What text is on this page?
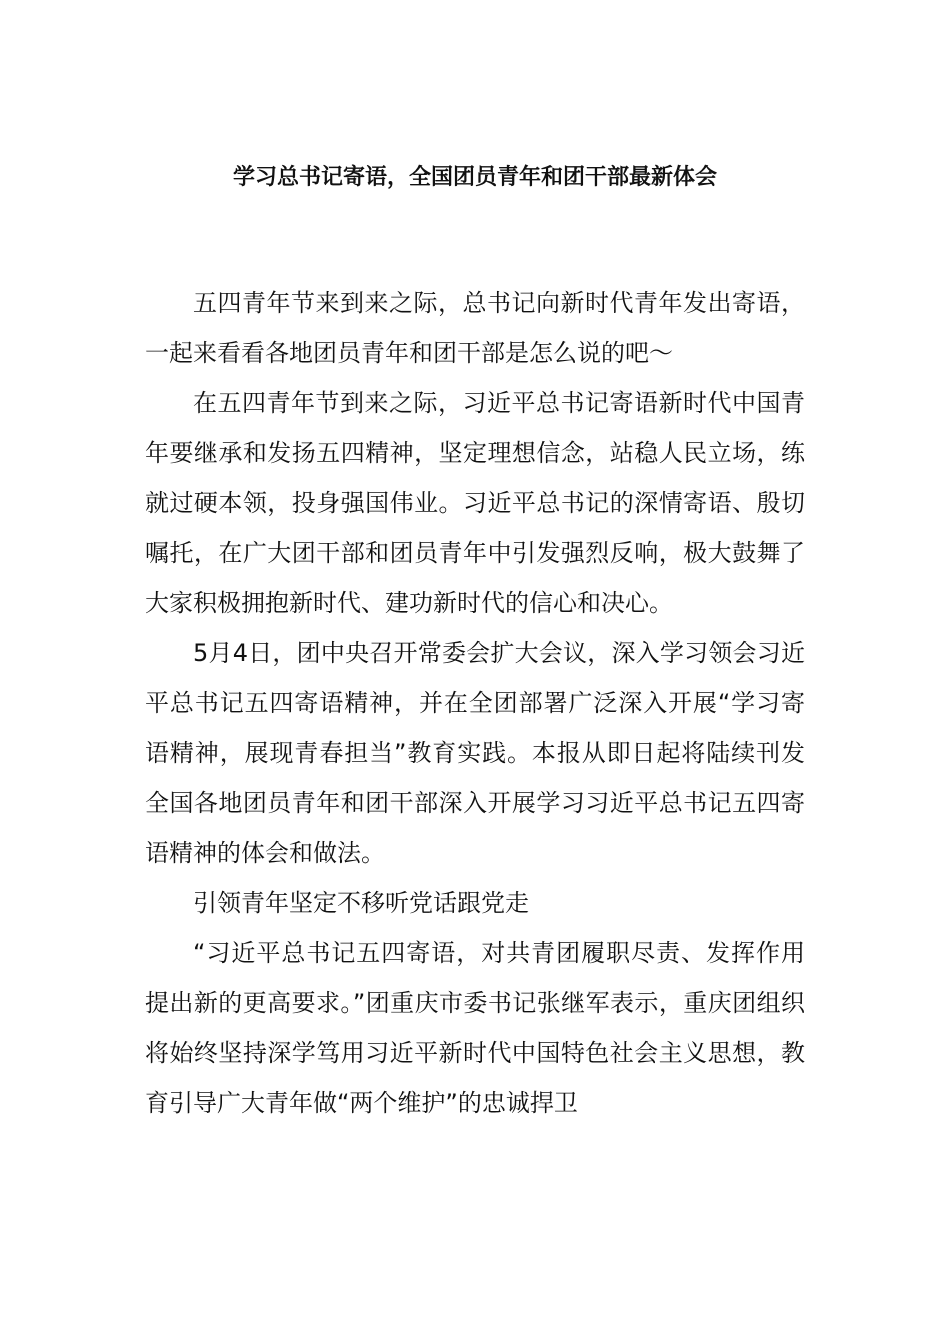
学习总书记寄语，全国团员青年和团干部最新体会

五四青年节来到来之际，总书记向新时代青年发出寄语，一起来看看各地团员青年和团干部是怎么说的吧～

在五四青年节到来之际，习近平总书记寄语新时代中国青年要继承和发扬五四精神，坚定理想信念，站稳人民立场，练就过硬本领，投身强国伟业。习近平总书记的深情寄语、殷切嘱托，在广大团干部和团员青年中引发强烈反响，极大鼓舞了大家积极拥抱新时代、建功新时代的信心和决心。

5月4日，团中央召开常委会扩大会议，深入学习领会习近平总书记五四寄语精神，并在全团部署广泛深入开展“学习寄语精神，展现青春担当”教育实践。本报从即日起将陆续刊发全国各地团员青年和团干部深入开展学习习近平总书记五四寄语精神的体会和做法。

引领青年坚定不移听党话跟党走

“习近平总书记五四寄语，对共青团履职尽责、发挥作用提出新的更高要求。”团重庆市委书记张继军表示，重庆团组织将始终坚持深学笃用习近平新时代中国特色社会主义思想，教育引导广大青年做“两个维护”的忠诚捍卫
